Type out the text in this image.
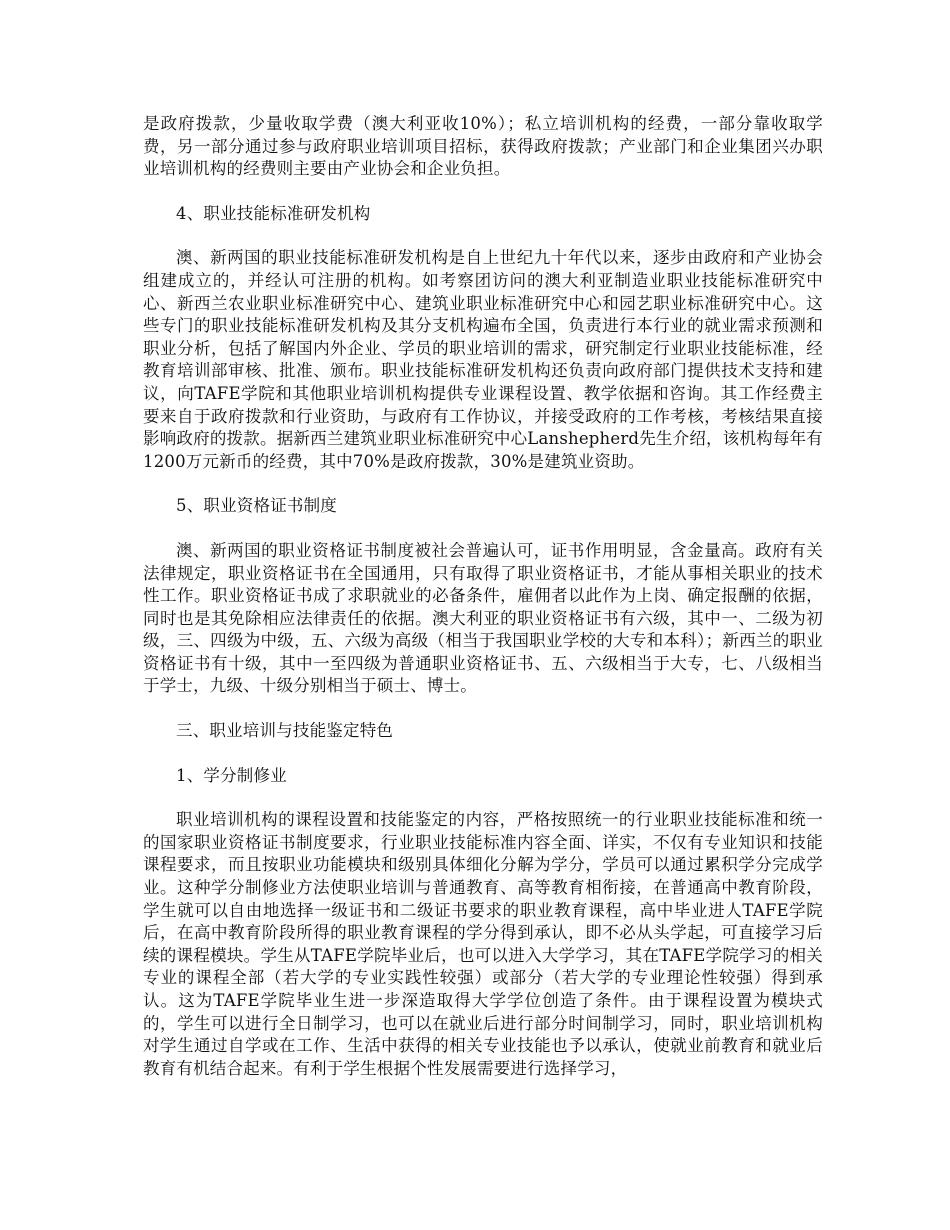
是政府拨款，少量收取学费（澳大利亚收10%）；私立培训机构的经费，一部分靠收取学费，另一部分通过参与政府职业培训项目招标，获得政府拨款；产业部门和企业集团兴办职业培训机构的经费则主要由产业协会和企业负担。

4、职业技能标准研发机构

澳、新两国的职业技能标准研发机构是自上世纪九十年代以来，逐步由政府和产业协会组建成立的，并经认可注册的机构。如考察团访问的澳大利亚制造业职业技能标准研究中心、新西兰农业职业标准研究中心、建筑业职业标准研究中心和园艺职业标准研究中心。这些专门的职业技能标准研发机构及其分支机构遍布全国，负责进行本行业的就业需求预测和职业分析，包括了解国内外企业、学员的职业培训的需求，研究制定行业职业技能标准，经教育培训部审核、批准、颁布。职业技能标准研发机构还负责向政府部门提供技术支持和建议，向TAFE学院和其他职业培训机构提供专业课程设置、教学依据和咨询。其工作经费主要来自于政府拨款和行业资助，与政府有工作协议，并接受政府的工作考核，考核结果直接影响政府的拨款。据新西兰建筑业职业标准研究中心Lanshepherd先生介绍，该机构每年有1200万元新币的经费，其中70%是政府拨款，30%是建筑业资助。

5、职业资格证书制度

澳、新两国的职业资格证书制度被社会普遍认可，证书作用明显，含金量高。政府有关法律规定，职业资格证书在全国通用，只有取得了职业资格证书，才能从事相关职业的技术性工作。职业资格证书成了求职就业的必备条件，雇佣者以此作为上岗、确定报酬的依据，同时也是其免除相应法律责任的依据。澳大利亚的职业资格证书有六级，其中一、二级为初级，三、四级为中级，五、六级为高级（相当于我国职业学校的大专和本科）；新西兰的职业资格证书有十级，其中一至四级为普通职业资格证书、五、六级相当于大专，七、八级相当于学士，九级、十级分别相当于硕士、博士。

三、职业培训与技能鉴定特色

1、学分制修业

职业培训机构的课程设置和技能鉴定的内容，严格按照统一的行业职业技能标准和统一的国家职业资格证书制度要求，行业职业技能标准内容全面、详实，不仅有专业知识和技能课程要求，而且按职业功能模块和级别具体细化分解为学分，学员可以通过累积学分完成学业。这种学分制修业方法使职业培训与普通教育、高等教育相衔接，在普通高中教育阶段，学生就可以自由地选择一级证书和二级证书要求的职业教育课程，高中毕业进人TAFE学院后，在高中教育阶段所得的职业教育课程的学分得到承认，即不必从头学起，可直接学习后续的课程模块。学生从TAFE学院毕业后，也可以进入大学学习，其在TAFE学院学习的相关专业的课程全部（若大学的专业实践性较强）或部分（若大学的专业理论性较强）得到承认。这为TAFE学院毕业生进一步深造取得大学学位创造了条件。由于课程设置为模块式的，学生可以进行全日制学习，也可以在就业后进行部分时间制学习，同时，职业培训机构对学生通过自学或在工作、生活中获得的相关专业技能也予以承认，使就业前教育和就业后教育有机结合起来。有利于学生根据个性发展需要进行选择学习，
